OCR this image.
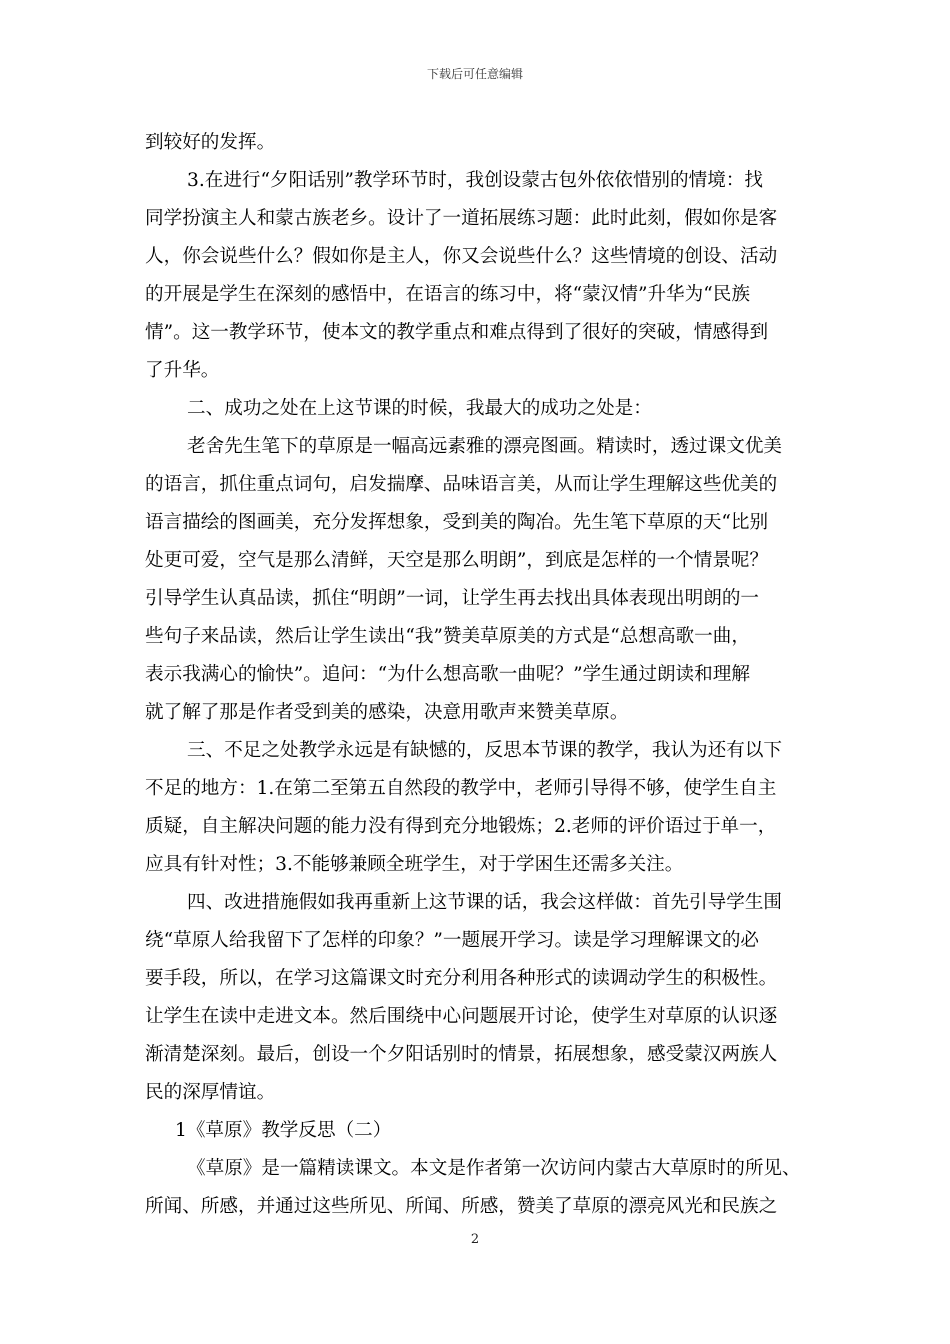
下载后可任意编辑
到较好的发挥。
3.在进行“夕阳话别”教学环节时，我创设蒙古包外依依惜别的情境：找
同学扮演主人和蒙古族老乡。设计了一道拓展练习题：此时此刻，假如你是客
人，你会说些什么？假如你是主人，你又会说些什么？这些情境的创设、活动
的开展是学生在深刻的感悟中，在语言的练习中，将“蒙汉情”升华为“民族
情”。这一教学环节，使本文的教学重点和难点得到了很好的突破，情感得到
了升华。
二、成功之处在上这节课的时候，我最大的成功之处是：
老舍先生笔下的草原是一幅高远素雅的漂亮图画。精读时，透过课文优美
的语言，抓住重点词句，启发揣摩、品味语言美，从而让学生理解这些优美的
语言描绘的图画美，充分发挥想象，受到美的陶冶。先生笔下草原的天“比别
处更可爱，空气是那么清鲜，天空是那么明朗”，到底是怎样的一个情景呢？
引导学生认真品读，抓住“明朗”一词，让学生再去找出具体表现出明朗的一
些句子来品读，然后让学生读出“我”赞美草原美的方式是“总想高歌一曲，
表示我满心的愉快”。追问：“为什么想高歌一曲呢？”学生通过朗读和理解
就了解了那是作者受到美的感染，决意用歌声来赞美草原。
三、不足之处教学永远是有缺憾的，反思本节课的教学，我认为还有以下
不足的地方：1.在第二至第五自然段的教学中，老师引导得不够，使学生自主
质疑，自主解决问题的能力没有得到充分地锻炼；2.老师的评价语过于单一，
应具有针对性；3.不能够兼顾全班学生，对于学困生还需多关注。
四、改进措施假如我再重新上这节课的话，我会这样做：首先引导学生围
绕“草原人给我留下了怎样的印象？”一题展开学习。读是学习理解课文的必
要手段，所以，在学习这篇课文时充分利用各种形式的读调动学生的积极性。
让学生在读中走进文本。然后围绕中心问题展开讨论，使学生对草原的认识逐
渐清楚深刻。最后，创设一个夕阳话别时的情景，拓展想象，感受蒙汉两族人
民的深厚情谊。
1《草原》教学反思（二）
《草原》是一篇精读课文。本文是作者第一次访问内蒙古大草原时的所见、
所闻、所感，并通过这些所见、所闻、所感，赞美了草原的漂亮风光和民族之
2
